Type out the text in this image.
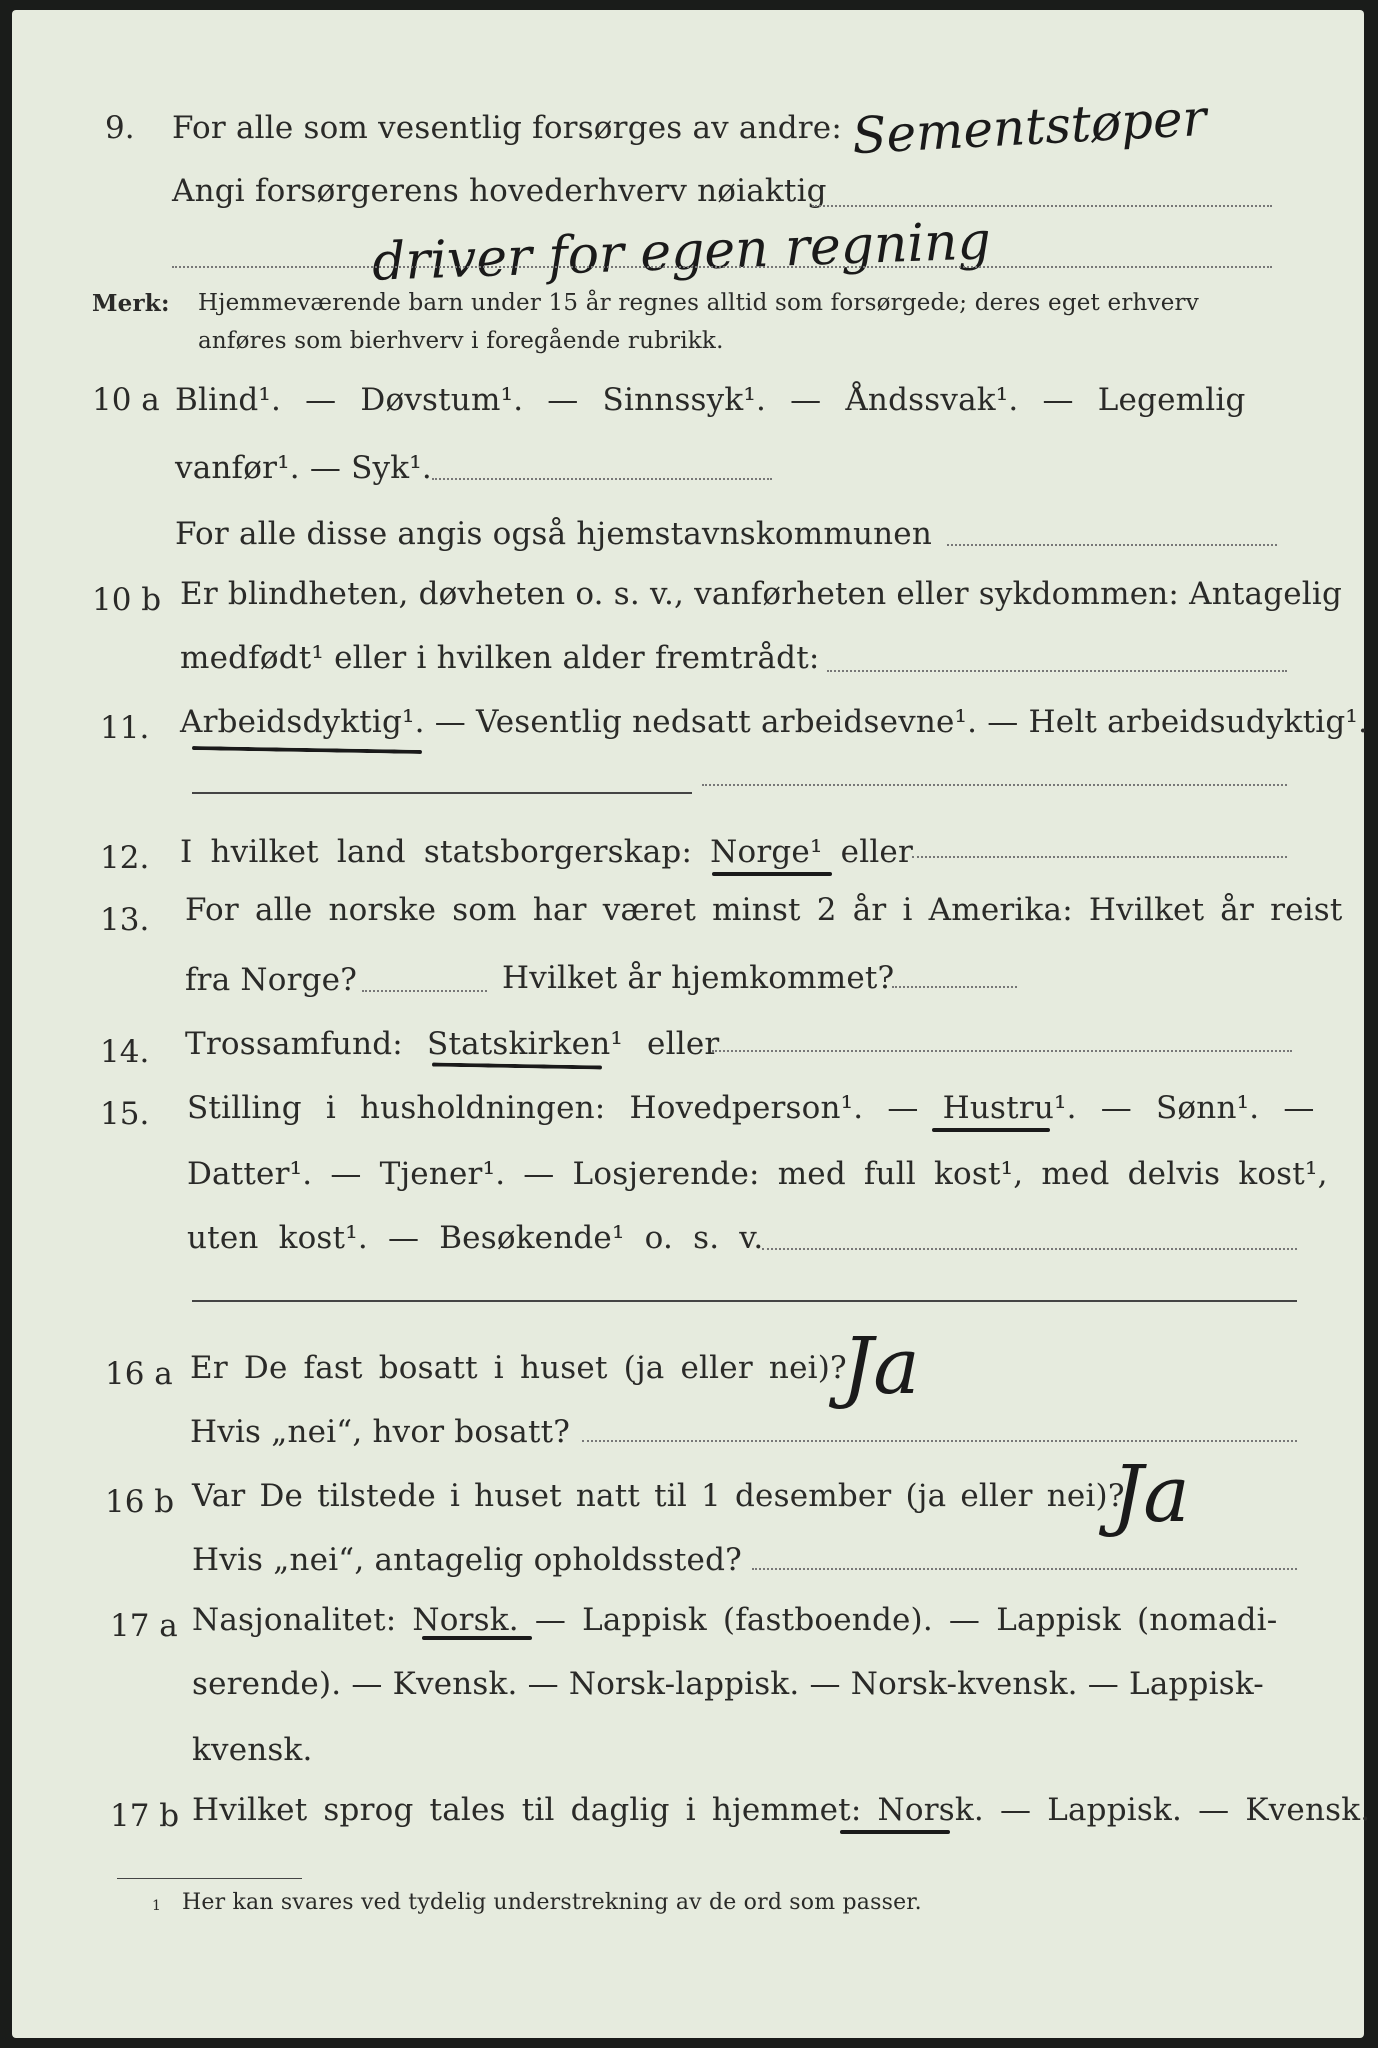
9. For alle som vesentlig forsørges av andre: Sementstøper
Angi forsørgerens hovederhverv nøiaktig
driver for egen regning
Merk: Hjemmeværende barn under 15 år regnes alltid som forsørgede; deres eget erhverv
anføres som bierhverv i foregående rubrikk.
10 a Blind¹. — Døvstum¹. — Sinnssyk¹. — Åndssvak¹. — Legemlig
vanfør¹. — Syk¹.
For alle disse angis også hjemstavnskommunen
10 b Er blindheten, døvheten o. s. v., vanførheten eller sykdommen: Antagelig
medfødt¹ eller i hvilken alder fremtrådt:
11. Arbeidsdyktig¹. — Vesentlig nedsatt arbeidsevne¹. — Helt arbeidsudyktig¹.
12. I hvilket land statsborgerskap: Norge¹ eller
13. For alle norske som har været minst 2 år i Amerika: Hvilket år reist
fra Norge?	Hvilket år hjemkommet?
14. Trossamfund: Statskirken¹ eller
15. Stilling i husholdningen: Hovedperson¹. — Hustru¹. — Sønn¹. —
Datter¹. — Tjener¹. — Losjerende: med full kost¹, med delvis kost¹,
uten kost¹. — Besøkende¹ o. s. v.
16 a Er De fast bosatt i huset (ja eller nei)?
Ja
Hvis „nei“, hvor bosatt?
16 b Var De tilstede i huset natt til 1 desember (ja eller nei)?
Ja
Hvis „nei“, antagelig opholdssted?
17 a Nasjonalitet: Norsk. — Lappisk (fastboende). — Lappisk (nomadi-
serende). — Kvensk. — Norsk-lappisk. — Norsk-kvensk. — Lappisk-
kvensk.
17 b Hvilket sprog tales til daglig i hjemmet: Norsk. — Lappisk. — Kvensk.
1 Her kan svares ved tydelig understrekning av de ord som passer.
